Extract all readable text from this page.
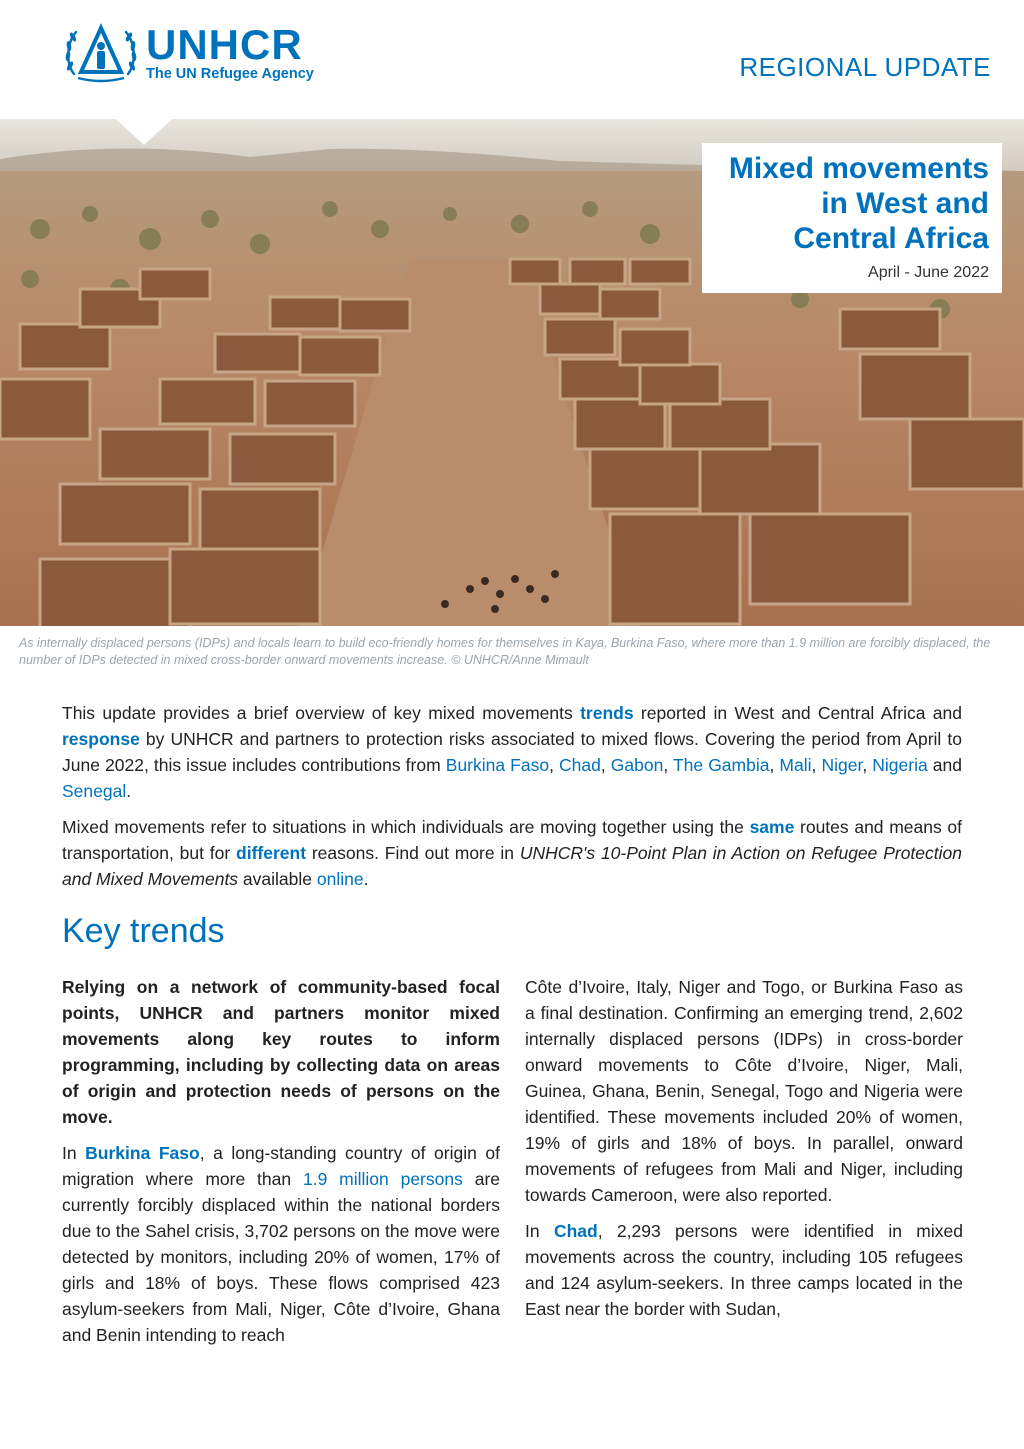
UNHCR
The UN Refugee Agency	REGIONAL UPDATE
Mixed movements
in West and
Central Africa
April - June 2022
As internally displaced persons (IDPs) and locals learn to build eco-friendly homes for themselves in Kaya, Burkina Faso, where more than 1.9 million are forcibly displaced, the number of IDPs detected in mixed cross-border onward movements increase. © UNHCR/Anne Mimault

This update provides a brief overview of key mixed movements trends reported in West and Central Africa and response by UNHCR and partners to protection risks associated to mixed flows. Covering the period from April to June 2022, this issue includes contributions from Burkina Faso, Chad, Gabon, The Gambia, Mali, Niger, Nigeria and Senegal.

Mixed movements refer to situations in which individuals are moving together using the same routes and means of transportation, but for different reasons. Find out more in UNHCR's 10-Point Plan in Action on Refugee Protection and Mixed Movements available online.

Key trends

Relying on a network of community-based focal points, UNHCR and partners monitor mixed movements along key routes to inform programming, including by collecting data on areas of origin and protection needs of persons on the move.

In Burkina Faso, a long-standing country of origin of migration where more than 1.9 million persons are currently forcibly displaced within the national borders due to the Sahel crisis, 3,702 persons on the move were detected by monitors, including 20% of women, 17% of girls and 18% of boys. These flows comprised 423 asylum-seekers from Mali, Niger, Côte d’Ivoire, Ghana and Benin intending to reach

Côte d’Ivoire, Italy, Niger and Togo, or Burkina Faso as a final destination. Confirming an emerging trend, 2,602 internally displaced persons (IDPs) in cross-border onward movements to Côte d’Ivoire, Niger, Mali, Guinea, Ghana, Benin, Senegal, Togo and Nigeria were identified. These movements included 20% of women, 19% of girls and 18% of boys. In parallel, onward movements of refugees from Mali and Niger, including towards Cameroon, were also reported.

In Chad, 2,293 persons were identified in mixed movements across the country, including 105 refugees and 124 asylum-seekers. In three camps located in the East near the border with Sudan,
